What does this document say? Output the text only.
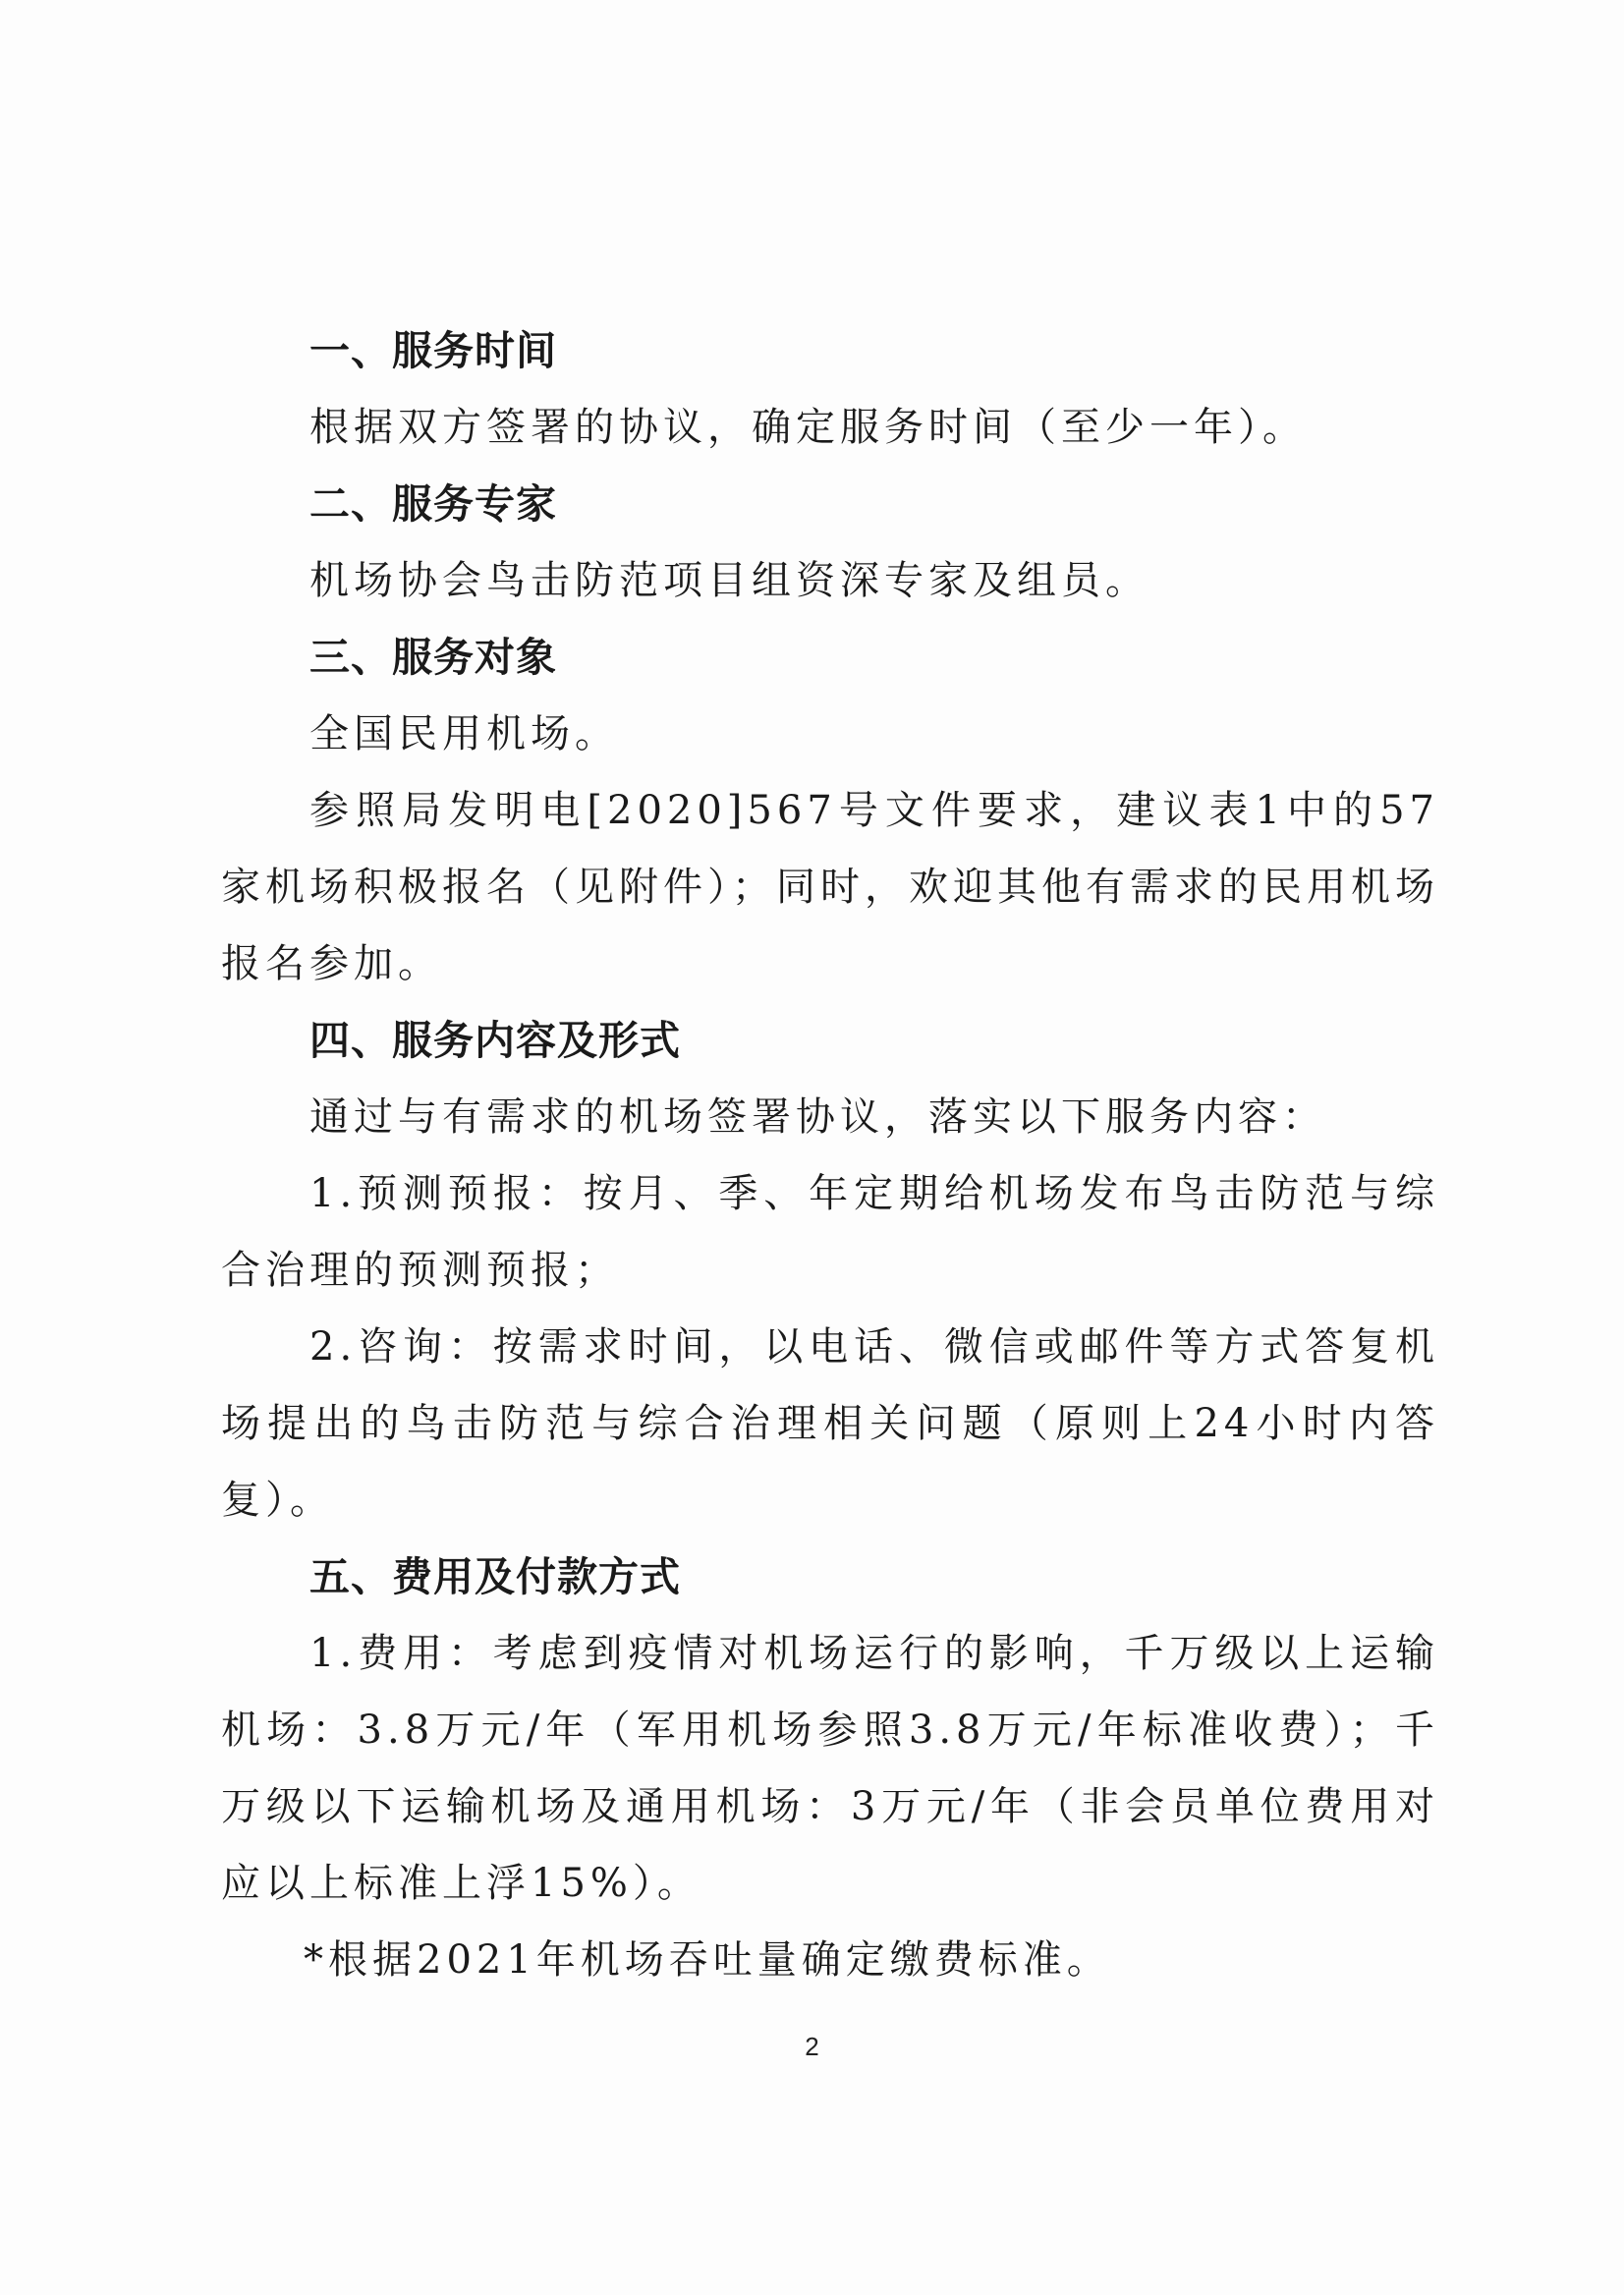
一、服务时间

根据双方签署的协议，确定服务时间（至少一年）。

二、服务专家

机场协会鸟击防范项目组资深专家及组员。

三、服务对象

全国民用机场。

参照局发明电[2020]567号文件要求，建议表1中的57家机场积极报名（见附件）；同时，欢迎其他有需求的民用机场报名参加。

四、服务内容及形式

通过与有需求的机场签署协议，落实以下服务内容：

1.预测预报：按月、季、年定期给机场发布鸟击防范与综合治理的预测预报；

2.咨询：按需求时间，以电话、微信或邮件等方式答复机场提出的鸟击防范与综合治理相关问题（原则上24小时内答复）。

五、费用及付款方式

1.费用：考虑到疫情对机场运行的影响，千万级以上运输机场：3.8万元/年（军用机场参照3.8万元/年标准收费）；千万级以下运输机场及通用机场：3万元/年（非会员单位费用对应以上标准上浮15%）。

*根据2021年机场吞吐量确定缴费标准。
2
